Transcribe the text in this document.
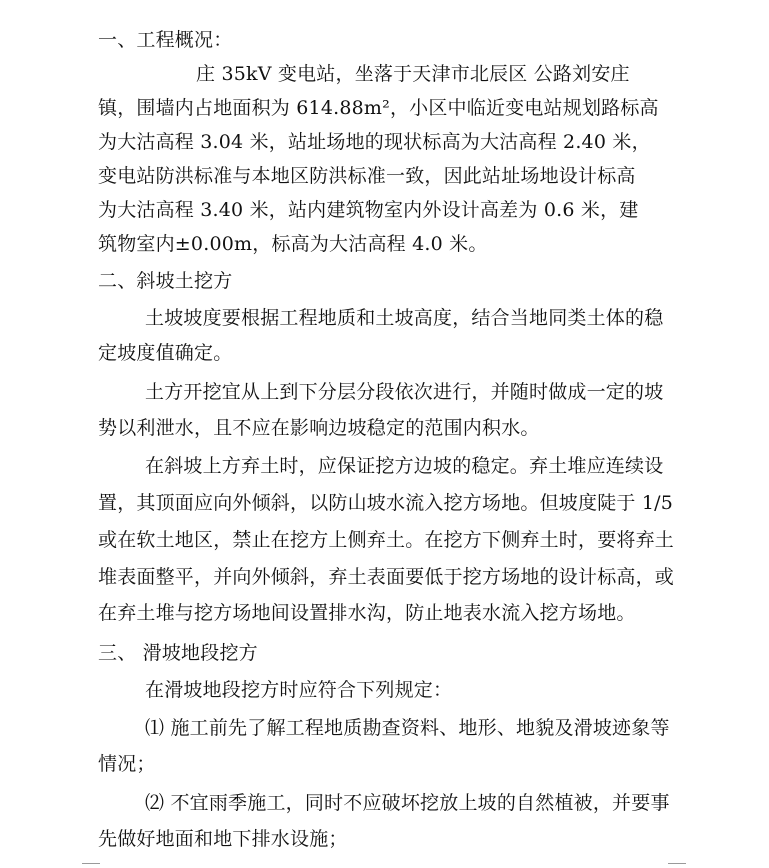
一、工程概况：
庄 35kV 变电站，坐落于天津市北辰区 公路刘安庄
镇，围墙内占地面积为 614.88m²，小区中临近变电站规划路标高
为大沽高程 3.04 米，站址场地的现状标高为大沽高程 2.40 米，
变电站防洪标准与本地区防洪标准一致，因此站址场地设计标高
为大沽高程 3.40 米，站内建筑物室内外设计高差为 0.6 米，建
筑物室内±0.00m，标高为大沽高程 4.0 米。
二、斜坡土挖方
土坡坡度要根据工程地质和土坡高度，结合当地同类土体的稳
定坡度值确定。
土方开挖宜从上到下分层分段依次进行，并随时做成一定的坡
势以利泄水，且不应在影响边坡稳定的范围内积水。
在斜坡上方弃土时，应保证挖方边坡的稳定。弃土堆应连续设
置，其顶面应向外倾斜，以防山坡水流入挖方场地。但坡度陡于 1/5
或在软土地区，禁止在挖方上侧弃土。在挖方下侧弃土时，要将弃土
堆表面整平，并向外倾斜，弃土表面要低于挖方场地的设计标高，或
在弃土堆与挖方场地间设置排水沟，防止地表水流入挖方场地。
三、 滑坡地段挖方
在滑坡地段挖方时应符合下列规定：
⑴ 施工前先了解工程地质勘查资料、地形、地貌及滑坡迹象等
情况；
⑵ 不宜雨季施工，同时不应破坏挖放上坡的自然植被，并要事
先做好地面和地下排水设施；
